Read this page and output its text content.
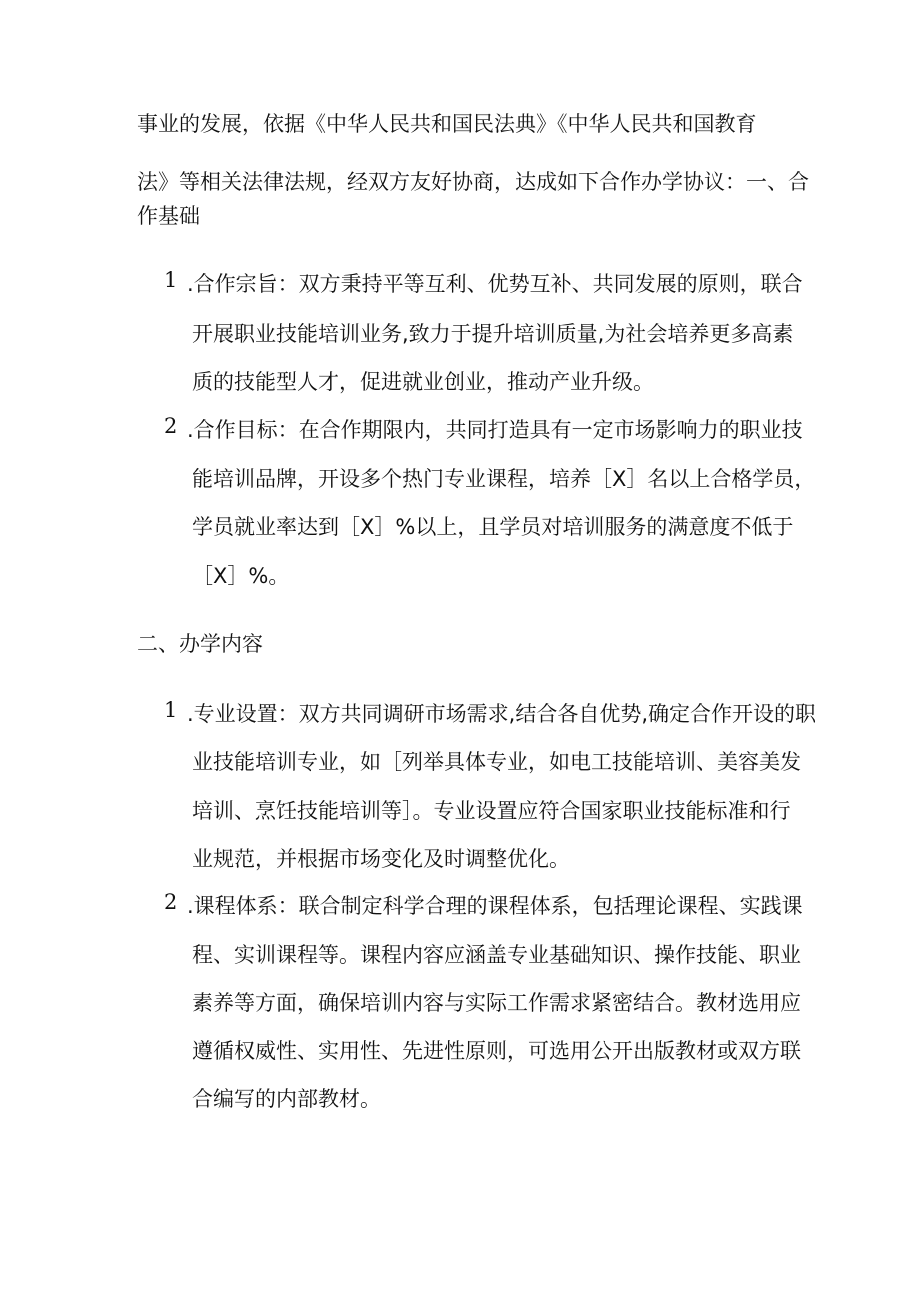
事业的发展，依据《中华人民共和国民法典》《中华人民共和国教育
法》等相关法律法规，经双方友好协商，达成如下合作办学协议：一、合
作基础
1 .合作宗旨：双方秉持平等互利、优势互补、共同发展的原则，联合
开展职业技能培训业务,致力于提升培训质量,为社会培养更多高素
质的技能型人才，促进就业创业，推动产业升级。
2 .合作目标：在合作期限内，共同打造具有一定市场影响力的职业技
能培训品牌，开设多个热门专业课程，培养［X］名以上合格学员，
学员就业率达到［X］%以上，且学员对培训服务的满意度不低于
［X］%。
二、办学内容
1 .专业设置：双方共同调研市场需求,结合各自优势,确定合作开设的职
业技能培训专业，如［列举具体专业，如电工技能培训、美容美发
培训、烹饪技能培训等］。专业设置应符合国家职业技能标准和行
业规范，并根据市场变化及时调整优化。
2 .课程体系：联合制定科学合理的课程体系，包括理论课程、实践课
程、实训课程等。课程内容应涵盖专业基础知识、操作技能、职业
素养等方面，确保培训内容与实际工作需求紧密结合。教材选用应
遵循权威性、实用性、先进性原则，可选用公开出版教材或双方联
合编写的内部教材。
